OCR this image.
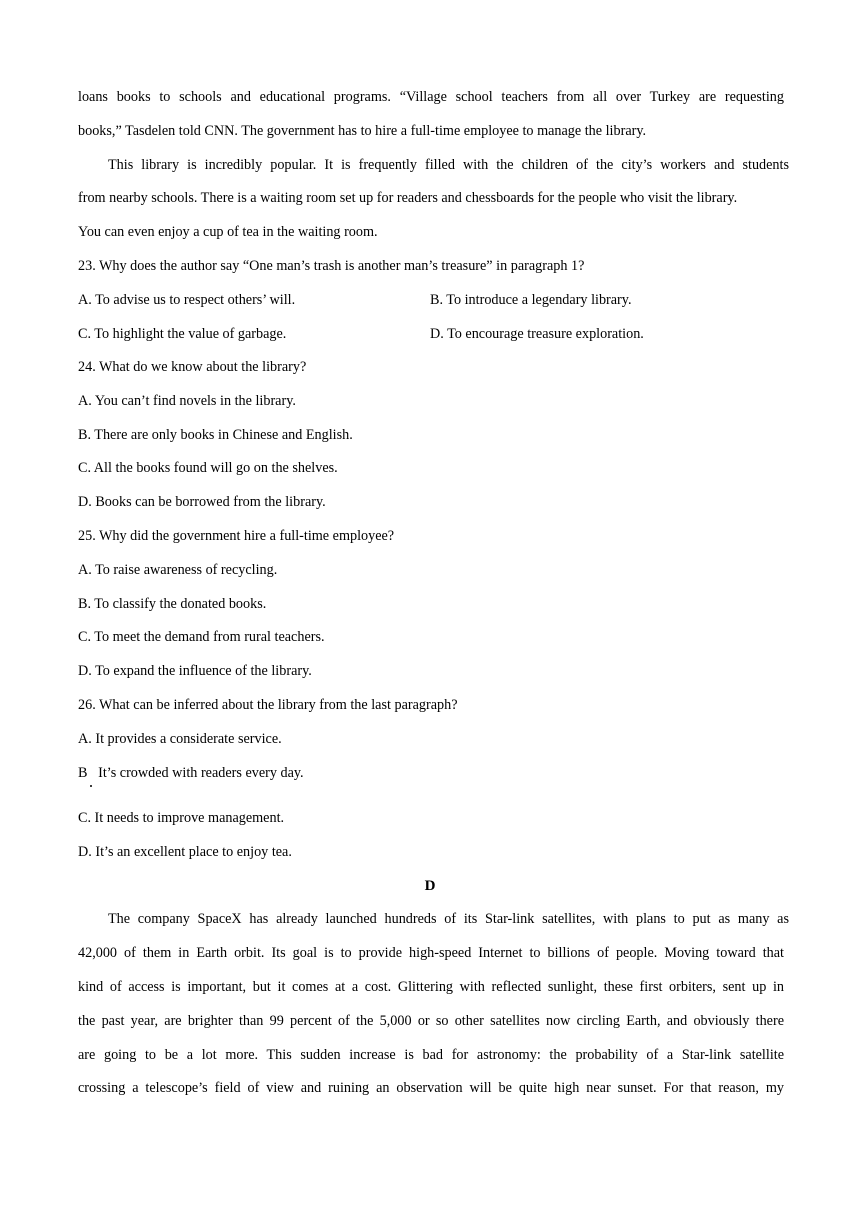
loans books to schools and educational programs. “Village school teachers from all over Turkey are requesting
books,” Tasdelen told CNN. The government has to hire a full-time employee to manage the library.
This library is incredibly popular. It is frequently filled with the children of the city’s workers and students
from nearby schools. There is a waiting room set up for readers and chessboards for the people who visit the library.
You can even enjoy a cup of tea in the waiting room.
23. Why does the author say “One man’s trash is another man’s treasure” in paragraph 1?
A. To advise us to respect others’ will.	B. To introduce a legendary library.
C. To highlight the value of garbage.	D. To encourage treasure exploration.
24. What do we know about the library?
A. You can’t find novels in the library.
B. There are only books in Chinese and English.
C. All the books found will go on the shelves.
D. Books can be borrowed from the library.
25. Why did the government hire a full-time employee?
A. To raise awareness of recycling.
B. To classify the donated books.
C. To meet the demand from rural teachers.
D. To expand the influence of the library.
26. What can be inferred about the library from the last paragraph?
A. It provides a considerate service.
B   It’s crowded with readers every day.
C. It needs to improve management.
D. It’s an excellent place to enjoy tea.
D
The company SpaceX has already launched hundreds of its Star-link satellites, with plans to put as many as
42,000 of them in Earth orbit. Its goal is to provide high-speed Internet to billions of people. Moving toward that
kind of access is important, but it comes at a cost. Glittering with reflected sunlight, these first orbiters, sent up in
the past year, are brighter than 99 percent of the 5,000 or so other satellites now circling Earth, and obviously there
are going to be a lot more. This sudden increase is bad for astronomy: the probability of a Star-link satellite
crossing a telescope’s field of view and ruining an observation will be quite high near sunset. For that reason, my
